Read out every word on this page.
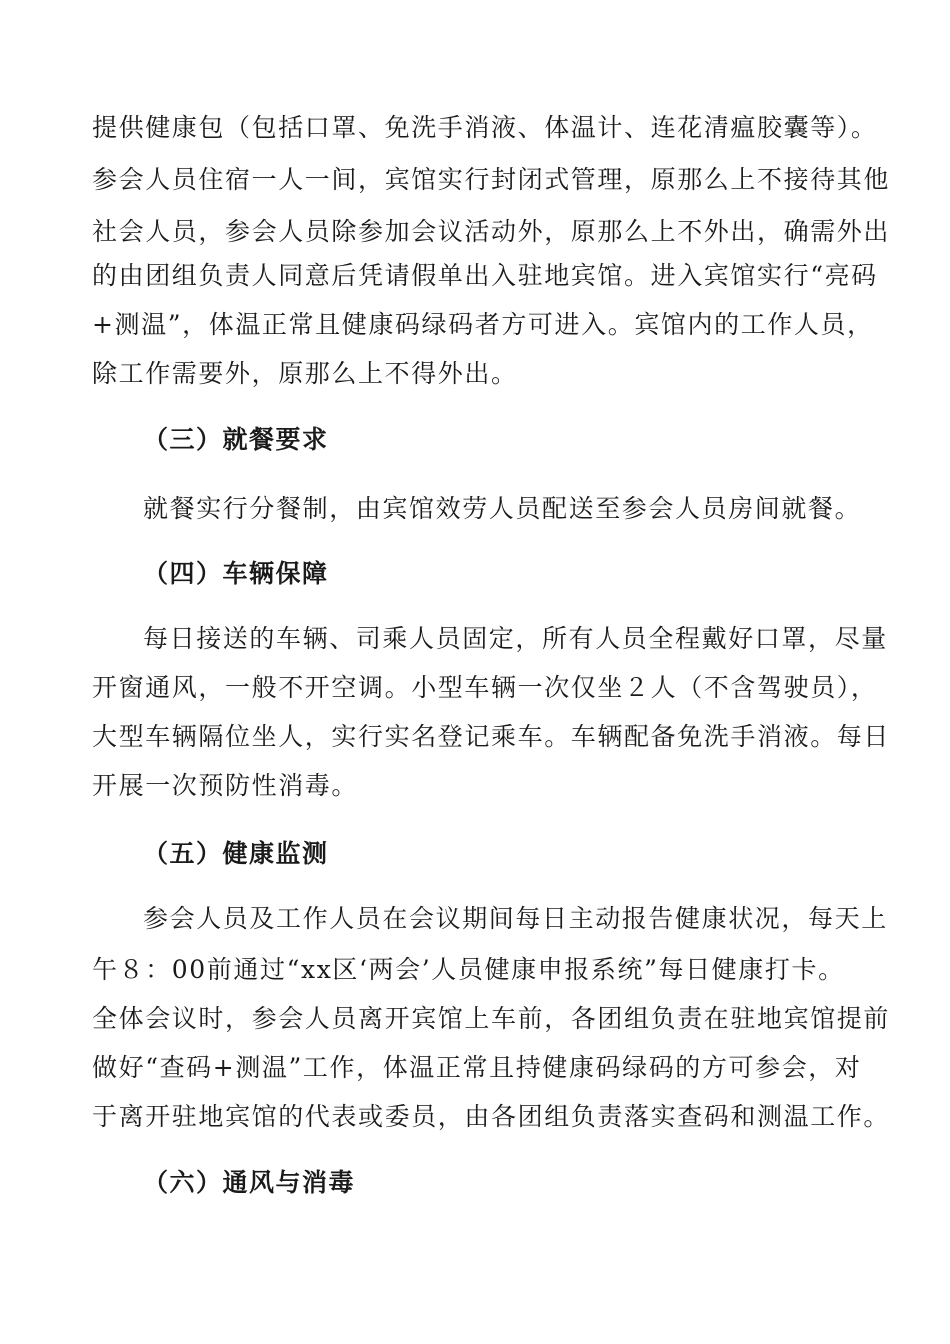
提供健康包（包括口罩、免洗手消液、体温计、连花清瘟胶囊等）。
参会人员住宿一人一间，宾馆实行封闭式管理，原那么上不接待其他
社会人员，参会人员除参加会议活动外，原那么上不外出，确需外出
的由团组负责人同意后凭请假单出入驻地宾馆。进入宾馆实行“亮码
+测温”，体温正常且健康码绿码者方可进入。宾馆内的工作人员，
除工作需要外，原那么上不得外出。
（三）就餐要求
就餐实行分餐制，由宾馆效劳人员配送至参会人员房间就餐。
（四）车辆保障
每日接送的车辆、司乘人员固定，所有人员全程戴好口罩，尽量
开窗通风，一般不开空调。小型车辆一次仅坐２人（不含驾驶员），
大型车辆隔位坐人，实行实名登记乘车。车辆配备免洗手消液。每日
开展一次预防性消毒。
（五）健康监测
参会人员及工作人员在会议期间每日主动报告健康状况，每天上
午８：00前通过“xx区‘两会’人员健康申报系统”每日健康打卡。
全体会议时，参会人员离开宾馆上车前，各团组负责在驻地宾馆提前
做好“查码+测温”工作，体温正常且持健康码绿码的方可参会，对
于离开驻地宾馆的代表或委员，由各团组负责落实查码和测温工作。
（六）通风与消毒
